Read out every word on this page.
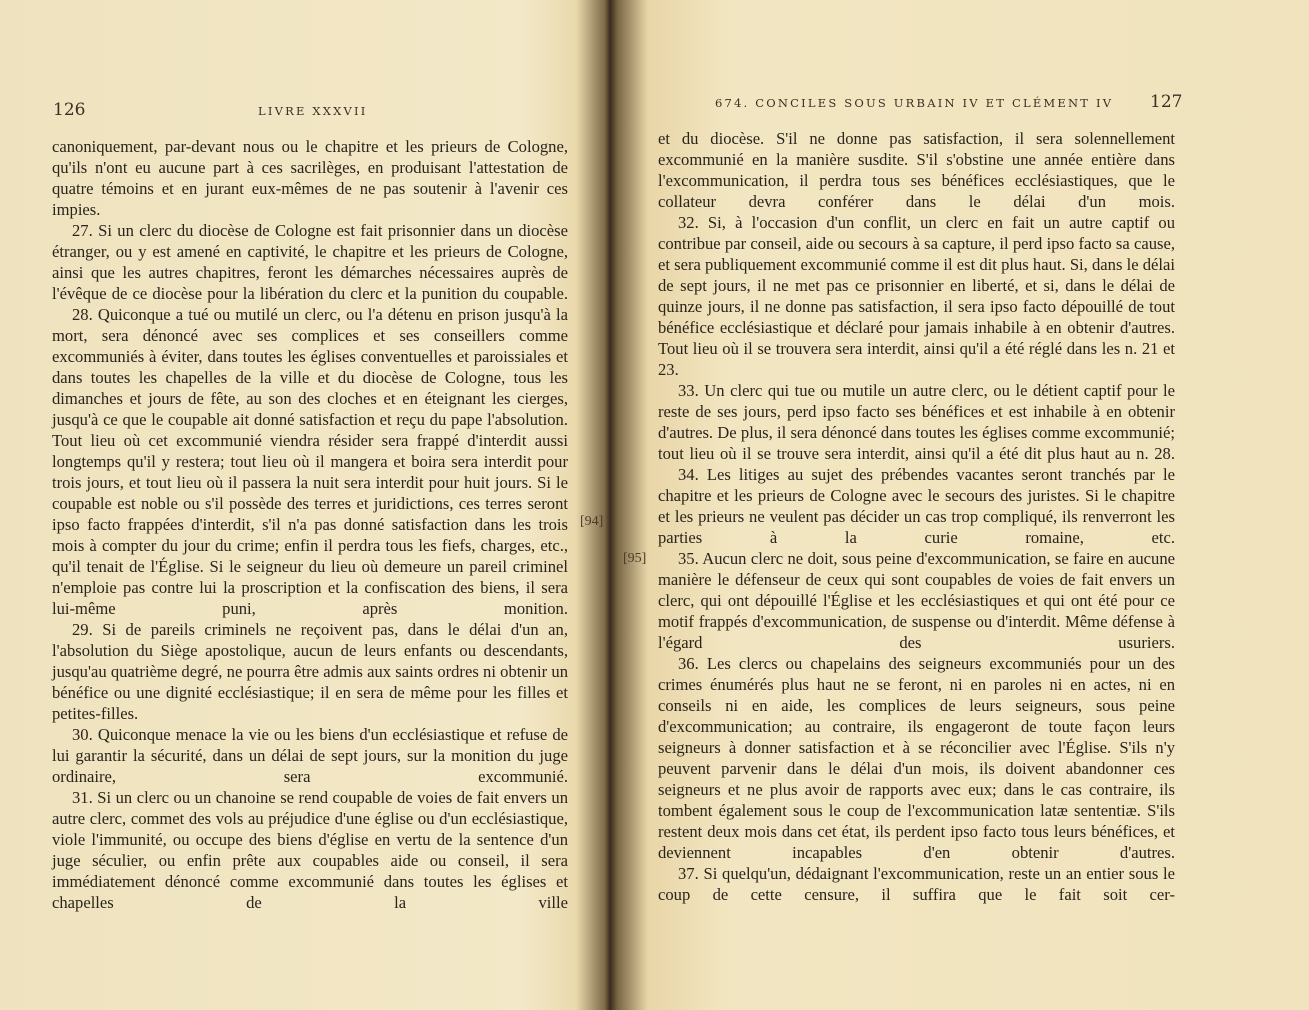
126	LIVRE XXXVII

canoniquement, par-devant nous ou le chapitre et les prieurs de Cologne, qu'ils n'ont eu aucune part à ces sacrilèges, en produisant l'attestation de quatre témoins et en jurant eux-mêmes de ne pas soutenir à l'avenir ces impies.

27. Si un clerc du diocèse de Cologne est fait prisonnier dans un diocèse étranger, ou y est amené en captivité, le chapitre et les prieurs de Cologne, ainsi que les autres chapitres, feront les démarches nécessaires auprès de l'évêque de ce diocèse pour la libération du clerc et la punition du coupable.

28. Quiconque a tué ou mutilé un clerc, ou l'a détenu en prison jusqu'à la mort, sera dénoncé avec ses complices et ses conseillers comme excommuniés à éviter, dans toutes les églises conventuelles et paroissiales et dans toutes les chapelles de la ville et du diocèse de Cologne, tous les dimanches et jours de fête, au son des cloches et en éteignant les cierges, jusqu'à ce que le coupable ait donné satisfaction et reçu du pape l'absolution. Tout lieu où cet excommunié viendra résider sera frappé d'interdit aussi longtemps qu'il y restera; tout lieu où il mangera et boira sera interdit pour trois jours, et tout lieu où il passera la nuit sera interdit pour huit jours. Si le coupable est noble ou s'il possède des terres et juridictions, ces terres seront ipso facto frappées d'interdit, s'il n'a pas donné satisfaction dans les trois mois à compter du jour du crime; enfin il perdra tous les fiefs, charges, etc., qu'il tenait de l'Église. Si le seigneur du lieu où demeure un pareil criminel n'emploie pas contre lui la proscription et la confiscation des biens, il sera lui-même puni, après monition.

29. Si de pareils criminels ne reçoivent pas, dans le délai d'un an, l'absolution du Siège apostolique, aucun de leurs enfants ou descendants, jusqu'au quatrième degré, ne pourra être admis aux saints ordres ni obtenir un bénéfice ou une dignité ecclésiastique; il en sera de même pour les filles et petites-filles.

30. Quiconque menace la vie ou les biens d'un ecclésiastique et refuse de lui garantir la sécurité, dans un délai de sept jours, sur la monition du juge ordinaire, sera excommunié.

31. Si un clerc ou un chanoine se rend coupable de voies de fait envers un autre clerc, commet des vols au préjudice d'une église ou d'un ecclésiastique, viole l'immunité, ou occupe des biens d'église en vertu de la sentence d'un juge séculier, ou enfin prête aux coupables aide ou conseil, il sera immédiatement dénoncé comme excommunié dans toutes les églises et chapelles de la ville

674. CONCILES SOUS URBAIN IV ET CLÉMENT IV 127
[94]
[95]

et du diocèse. S'il ne donne pas satisfaction, il sera solennellement excommunié en la manière susdite. S'il s'obstine une année entière dans l'excommunication, il perdra tous ses bénéfices ecclésiastiques, que le collateur devra conférer dans le délai d'un mois.

32. Si, à l'occasion d'un conflit, un clerc en fait un autre captif ou contribue par conseil, aide ou secours à sa capture, il perd ipso facto sa cause, et sera publiquement excommunié comme il est dit plus haut. Si, dans le délai de sept jours, il ne met pas ce prisonnier en liberté, et si, dans le délai de quinze jours, il ne donne pas satisfaction, il sera ipso facto dépouillé de tout bénéfice ecclésiastique et déclaré pour jamais inhabile à en obtenir d'autres. Tout lieu où il se trouvera sera interdit, ainsi qu'il a été réglé dans les n. 21 et 23.

33. Un clerc qui tue ou mutile un autre clerc, ou le détient captif pour le reste de ses jours, perd ipso facto ses bénéfices et est inhabile à en obtenir d'autres. De plus, il sera dénoncé dans toutes les églises comme excommunié; tout lieu où il se trouve sera interdit, ainsi qu'il a été dit plus haut au n. 28.

34. Les litiges au sujet des prébendes vacantes seront tranchés par le chapitre et les prieurs de Cologne avec le secours des juristes. Si le chapitre et les prieurs ne veulent pas décider un cas trop compliqué, ils renverront les parties à la curie romaine, etc.

35. Aucun clerc ne doit, sous peine d'excommunication, se faire en aucune manière le défenseur de ceux qui sont coupables de voies de fait envers un clerc, qui ont dépouillé l'Église et les ecclésiastiques et qui ont été pour ce motif frappés d'excommunication, de suspense ou d'interdit. Même défense à l'égard des usuriers.

36. Les clercs ou chapelains des seigneurs excommuniés pour un des crimes énumérés plus haut ne se feront, ni en paroles ni en actes, ni en conseils ni en aide, les complices de leurs seigneurs, sous peine d'excommunication; au contraire, ils engageront de toute façon leurs seigneurs à donner satisfaction et à se réconcilier avec l'Église. S'ils n'y peuvent parvenir dans le délai d'un mois, ils doivent abandonner ces seigneurs et ne plus avoir de rapports avec eux; dans le cas contraire, ils tombent également sous le coup de l'excommunication latæ sententiæ. S'ils restent deux mois dans cet état, ils perdent ipso facto tous leurs bénéfices, et deviennent incapables d'en obtenir d'autres.

37. Si quelqu'un, dédaignant l'excommunication, reste un an entier sous le coup de cette censure, il suffira que le fait soit cer-
